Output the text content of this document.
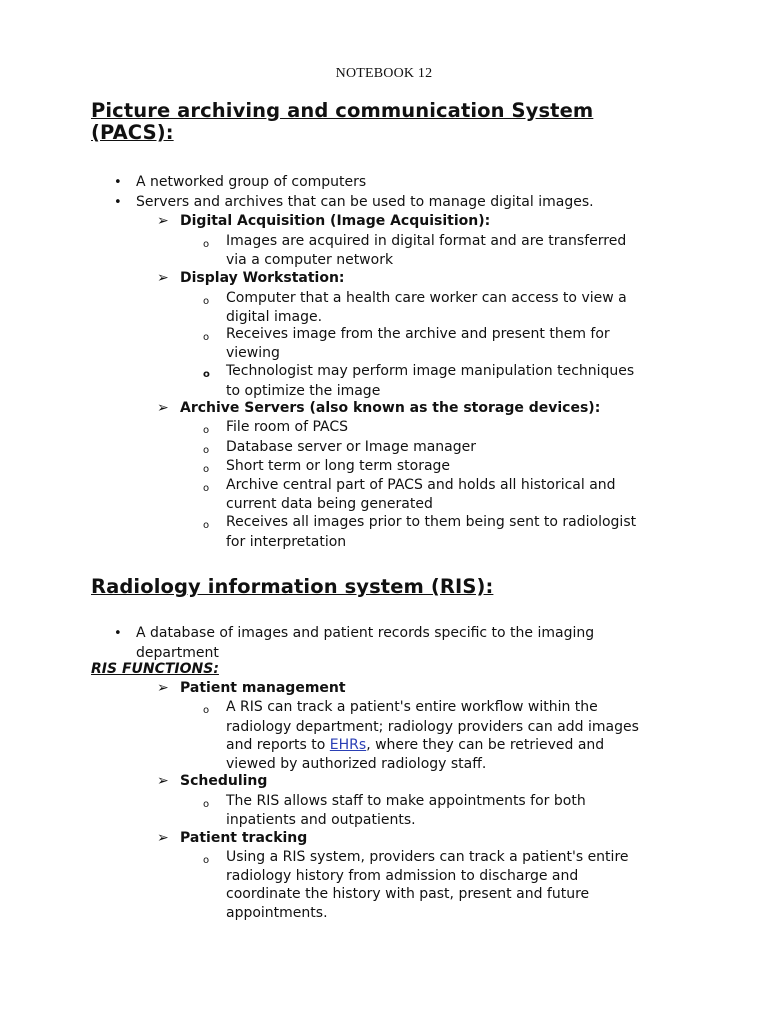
NOTEBOOK 12
Picture archiving and communication System
(PACS):
• A networked group of computers
• Servers and archives that can be used to manage digital images.
➢ Digital Acquisition (Image Acquisition):
o Images are acquired in digital format and are transferred
via a computer network
➢ Display Workstation:
o Computer that a health care worker can access to view a
digital image.
o Receives image from the archive and present them for
viewing
o Technologist may perform image manipulation techniques
to optimize the image
➢ Archive Servers (also known as the storage devices):
o File room of PACS
o Database server or Image manager
o Short term or long term storage
o Archive central part of PACS and holds all historical and
current data being generated
o Receives all images prior to them being sent to radiologist
for interpretation
Radiology information system (RIS):
• A database of images and patient records specific to the imaging
department
RIS FUNCTIONS:
➢ Patient management
o A RIS can track a patient's entire workflow within the
radiology department; radiology providers can add images
and reports to EHRs, where they can be retrieved and
viewed by authorized radiology staff.
➢ Scheduling
o The RIS allows staff to make appointments for both
inpatients and outpatients.
➢ Patient tracking
o Using a RIS system, providers can track a patient's entire
radiology history from admission to discharge and
coordinate the history with past, present and future
appointments.
